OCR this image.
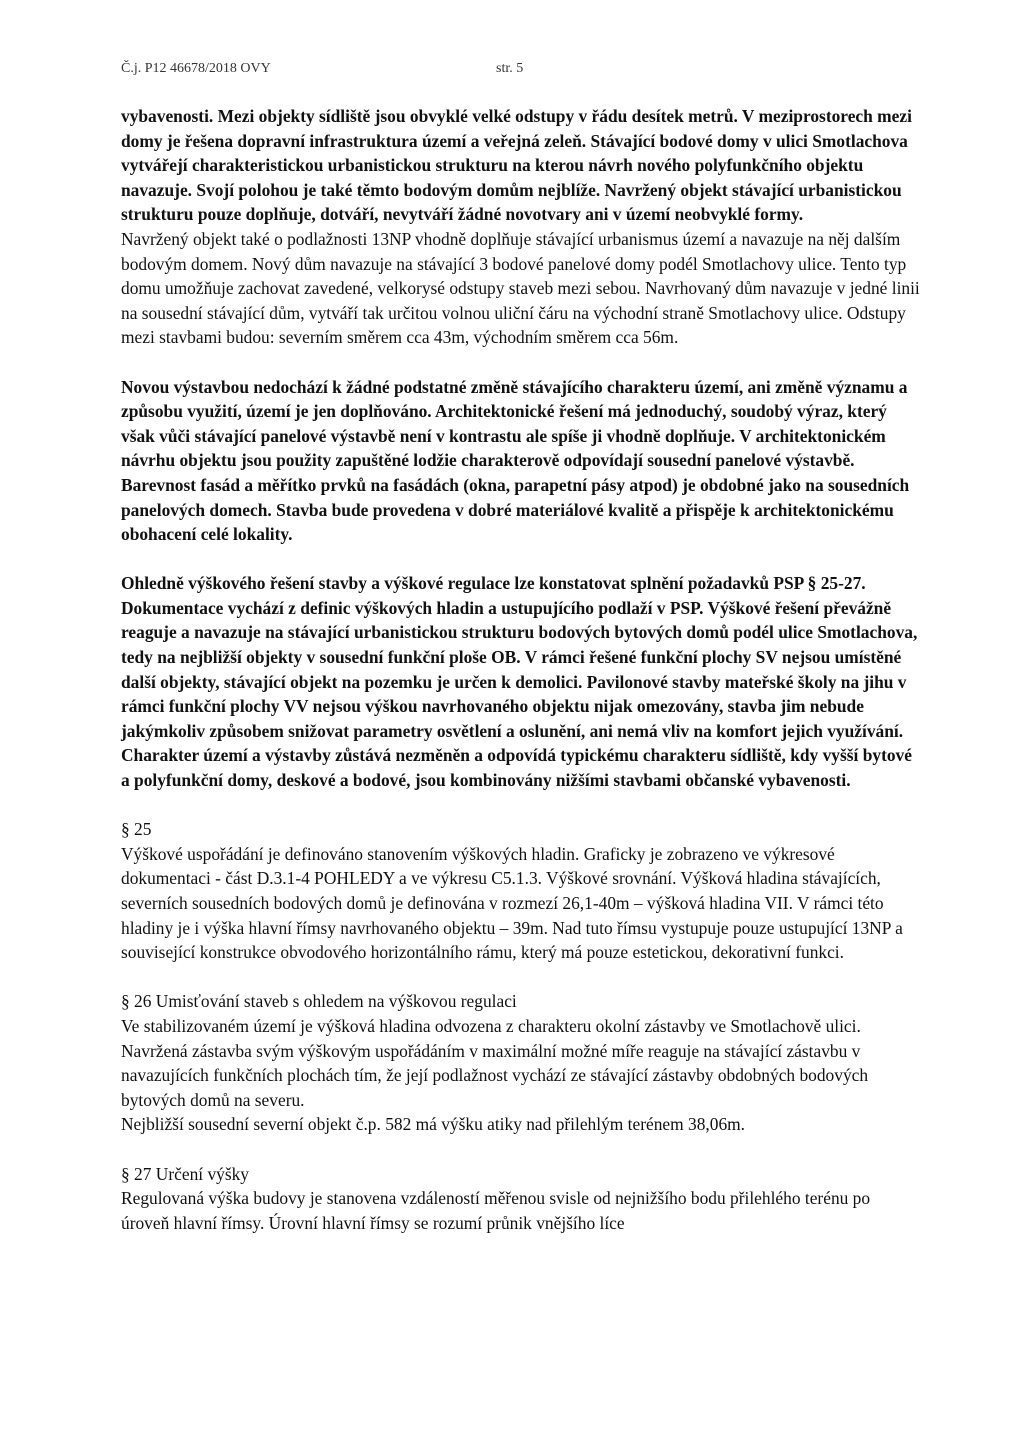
Č.j. P12 46678/2018 OVY	str. 5

vybavenosti. Mezi objekty sídliště jsou obvyklé velké odstupy v řádu desítek metrů. V meziprostorech mezi domy je řešena dopravní infrastruktura území a veřejná zeleň. Stávající bodové domy v ulici Smotlachova vytvářejí charakteristickou urbanistickou strukturu na kterou návrh nového polyfunkčního objektu navazuje. Svojí polohou je také těmto bodovým domům nejblíže. Navržený objekt stávající urbanistickou strukturu pouze doplňuje, dotváří, nevytváří žádné novotvary ani v území neobvyklé formy.

Navržený objekt také o podlažnosti 13NP vhodně doplňuje stávající urbanismus území a navazuje na něj dalším bodovým domem. Nový dům navazuje na stávající 3 bodové panelové domy podél Smotlachovy ulice. Tento typ domu umožňuje zachovat zavedené, velkorysé odstupy staveb mezi sebou. Navrhovaný dům navazuje v jedné linii na sousední stávající dům, vytváří tak určitou volnou uliční čáru na východní straně Smotlachovy ulice. Odstupy mezi stavbami budou: severním směrem cca 43m, východním směrem cca 56m.

Novou výstavbou nedochází k žádné podstatné změně stávajícího charakteru území, ani změně významu a způsobu využití, území je jen doplňováno. Architektonické řešení má jednoduchý, soudobý výraz, který však vůči stávající panelové výstavbě není v kontrastu ale spíše ji vhodně doplňuje. V architektonickém návrhu objektu jsou použity zapuštěné lodžie charakterově odpovídají sousední panelové výstavbě. Barevnost fasád a měřítko prvků na fasádách (okna, parapetní pásy atpod) je obdobné jako na sousedních panelových domech. Stavba bude provedena v dobré materiálové kvalitě a přispěje k architektonickému obohacení celé lokality.

Ohledně výškového řešení stavby a výškové regulace lze konstatovat splnění požadavků PSP § 25-27. Dokumentace vychází z definic výškových hladin a ustupujícího podlaží v PSP. Výškové řešení převážně reaguje a navazuje na stávající urbanistickou strukturu bodových bytových domů podél ulice Smotlachova, tedy na nejbližší objekty v sousední funkční ploše OB. V rámci řešené funkční plochy SV nejsou umístěné další objekty, stávající objekt na pozemku je určen k demolici. Pavilonové stavby mateřské školy na jihu v rámci funkční plochy VV nejsou výškou navrhovaného objektu nijak omezovány, stavba jim nebude jakýmkoliv způsobem snižovat parametry osvětlení a oslunění, ani nemá vliv na komfort jejich využívání. Charakter území a výstavby zůstává nezměněn a odpovídá typickému charakteru sídliště, kdy vyšší bytové a polyfunkční domy, deskové a bodové, jsou kombinovány nižšími stavbami občanské vybavenosti.

§ 25

Výškové uspořádání je definováno stanovením výškových hladin. Graficky je zobrazeno ve výkresové dokumentaci - část D.3.1-4 POHLEDY a ve výkresu C5.1.3. Výškové srovnání. Výšková hladina stávajících, severních sousedních bodových domů je definována v rozmezí 26,1-40m – výšková hladina VII. V rámci této hladiny je i výška hlavní římsy navrhovaného objektu – 39m. Nad tuto římsu vystupuje pouze ustupující 13NP a související konstrukce obvodového horizontálního rámu, který má pouze estetickou, dekorativní funkci.

§ 26 Umisťování staveb s ohledem na výškovou regulaci

Ve stabilizovaném území je výšková hladina odvozena z charakteru okolní zástavby ve Smotlachově ulici.

Navržená zástavba svým výškovým uspořádáním v maximální možné míře reaguje na stávající zástavbu v navazujících funkčních plochách tím, že její podlažnost vychází ze stávající zástavby obdobných bodových bytových domů na severu.

Nejbližší sousední severní objekt č.p. 582 má výšku atiky nad přilehlým terénem 38,06m.

§ 27 Určení výšky

Regulovaná výška budovy je stanovena vzdáleností měřenou svisle od nejnižšího bodu přilehlého terénu po úroveň hlavní římsy. Úrovní hlavní římsy se rozumí průnik vnějšího líce
